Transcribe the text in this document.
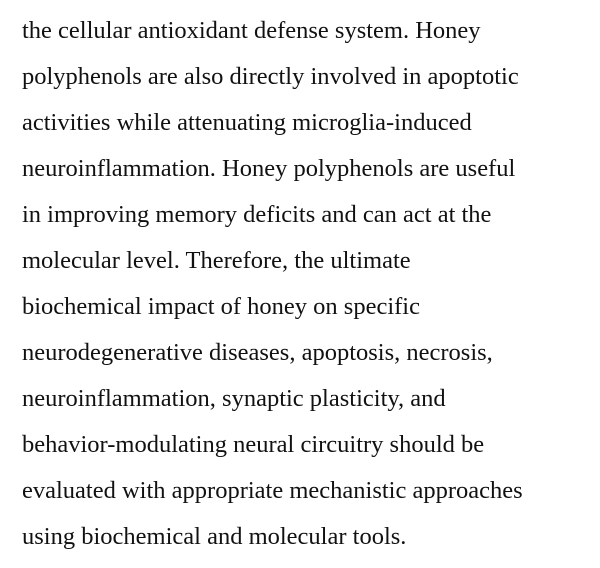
the cellular antioxidant defense system. Honey
polyphenols are also directly involved in apoptotic
activities while attenuating microglia-induced
neuroinflammation. Honey polyphenols are useful
in improving memory deficits and can act at the
molecular level. Therefore, the ultimate
biochemical impact of honey on specific
neurodegenerative diseases, apoptosis, necrosis,
neuroinflammation, synaptic plasticity, and
behavior-modulating neural circuitry should be
evaluated with appropriate mechanistic approaches
using biochemical and molecular tools.
